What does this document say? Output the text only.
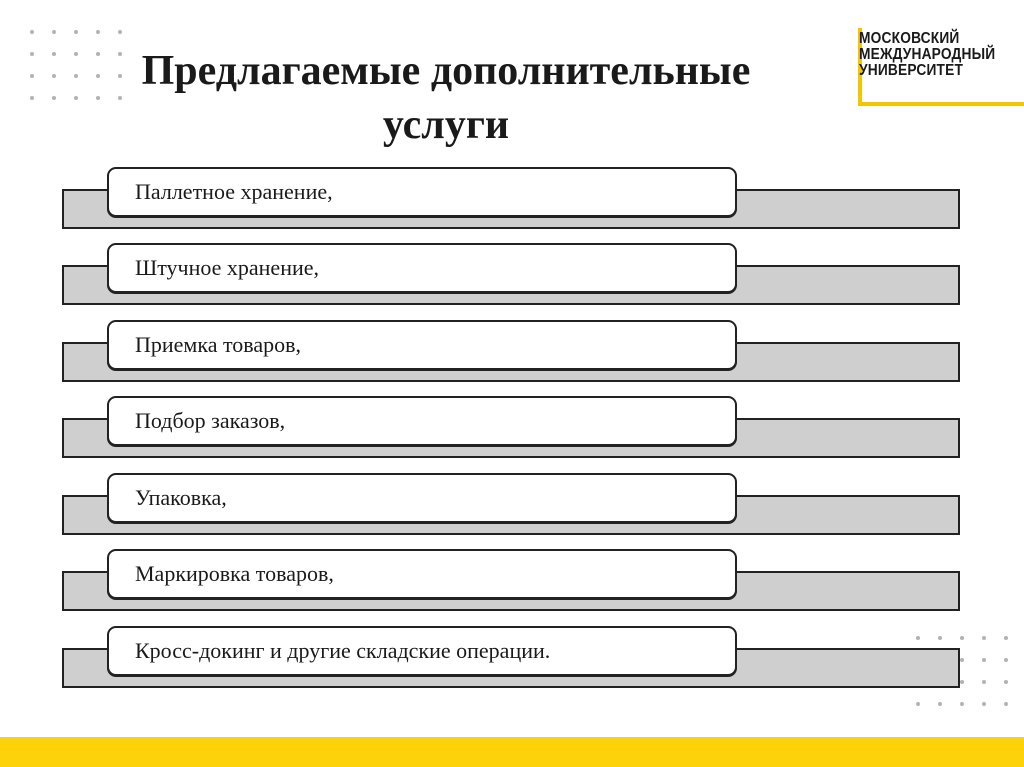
МОСКОВСКИЙ
МЕЖДУНАРОДНЫЙ
УНИВЕРСИТЕТ
Предлагаемые дополнительные
услуги
Паллетное хранение,
Штучное хранение,
Приемка товаров,
Подбор заказов,
Упаковка,
Маркировка товаров,
Кросс-докинг и другие складские операции.
